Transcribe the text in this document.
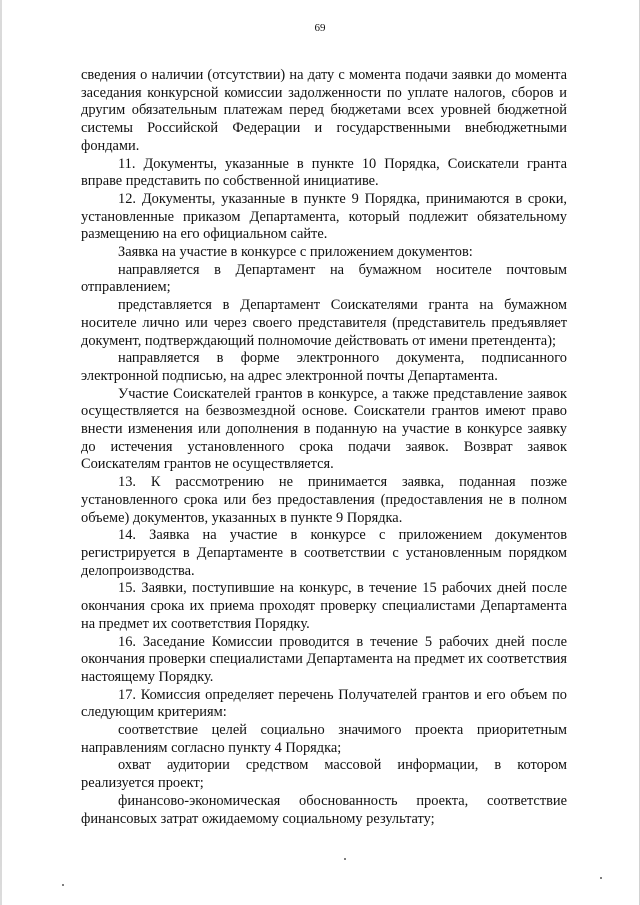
69

сведения о наличии (отсутствии) на дату с момента подачи заявки до момента заседания конкурсной комиссии задолженности по уплате налогов, сборов и другим обязательным платежам перед бюджетами всех уровней бюджетной системы Российской Федерации и государственными внебюджетными фондами.

11. Документы, указанные в пункте 10 Порядка, Соискатели гранта вправе представить по собственной инициативе.

12. Документы, указанные в пункте 9 Порядка, принимаются в сроки, установленные приказом Департамента, который подлежит обязательному размещению на его официальном сайте.

Заявка на участие в конкурсе с приложением документов:

направляется в Департамент на бумажном носителе почтовым отправлением;

представляется в Департамент Соискателями гранта на бумажном носителе лично или через своего представителя (представитель предъявляет документ, подтверждающий полномочие действовать от имени претендента);

направляется в форме электронного документа, подписанного электронной подписью, на адрес электронной почты Департамента.

Участие Соискателей грантов в конкурсе, а также представление заявок осуществляется на безвозмездной основе. Соискатели грантов имеют право внести изменения или дополнения в поданную на участие в конкурсе заявку до истечения установленного срока подачи заявок. Возврат заявок Соискателям грантов не осуществляется.

13. К рассмотрению не принимается заявка, поданная позже установленного срока или без предоставления (предоставления не в полном объеме) документов, указанных в пункте 9 Порядка.

14. Заявка на участие в конкурсе с приложением документов регистрируется в Департаменте в соответствии с установленным порядком делопроизводства.

15. Заявки, поступившие на конкурс, в течение 15 рабочих дней после окончания срока их приема проходят проверку специалистами Департамента на предмет их соответствия Порядку.

16. Заседание Комиссии проводится в течение 5 рабочих дней после окончания проверки специалистами Департамента на предмет их соответствия настоящему Порядку.

17. Комиссия определяет перечень Получателей грантов и его объем по следующим критериям:

соответствие целей социально значимого проекта приоритетным направлениям согласно пункту 4 Порядка;

охват аудитории средством массовой информации, в котором реализуется проект;

финансово-экономическая обоснованность проекта, соответствие финансовых затрат ожидаемому социальному результату;
